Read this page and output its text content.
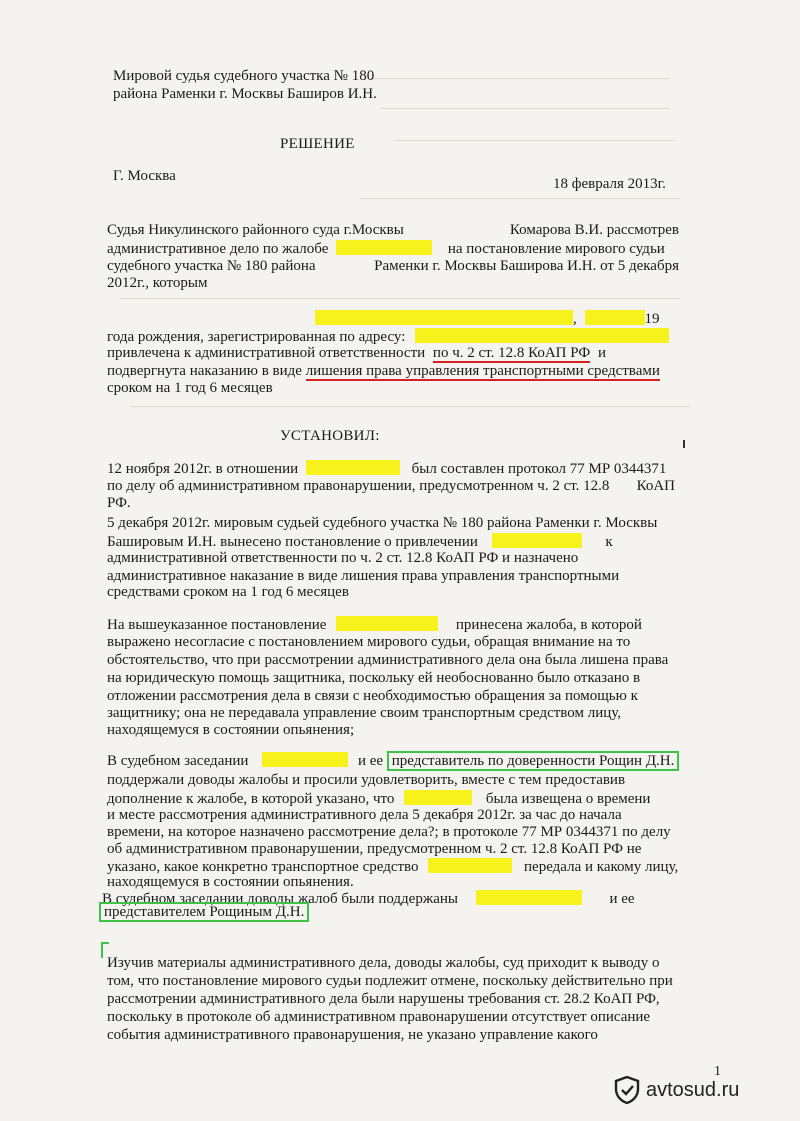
Мировой судья судебного участка № 180
района Раменки г. Москвы Баширов И.Н.
РЕШЕНИЕ
Г. Москва	18 февраля 2013г.
Судья Никулинского районного суда г.Москвы	Комарова В.И. рассмотрев
административное дело по жалобе	на постановление мирового судьи
судебного участка № 180 района	Раменки г. Москвы Баширова И.Н. от 5 декабря
2012г., которым
,	19
года рождения, зарегистрированная по адресу:
привлечена к административной ответственности по ч. 2 ст. 12.8 КоАП РФ и
подвергнута наказанию в виде лишения права управления транспортными средствами
сроком на 1 год 6 месяцев
УСТАНОВИЛ:
12 ноября 2012г. в отношении	был составлен протокол 77 МР 0344371
по делу об административном правонарушении, предусмотренном ч. 2 ст. 12.8 КоАП
РФ.
5 декабря 2012г. мировым судьей судебного участка № 180 района Раменки г. Москвы
Башировым И.Н. вынесено постановление о привлечении	к
административной ответственности по ч. 2 ст. 12.8 КоАП РФ и назначено
административное наказание в виде лишения права управления транспортными
средствами сроком на 1 год 6 месяцев
На вышеуказанное постановление	принесена жалоба, в которой
выражено несогласие с постановлением мирового судьи, обращая внимание на то
обстоятельство, что при рассмотрении административного дела она была лишена права
на юридическую помощь защитника, поскольку ей необоснованно было отказано в
отложении рассмотрения дела в связи с необходимостью обращения за помощью к
защитнику; она не передавала управление своим транспортным средством лицу,
находящемуся в состоянии опьянения;
В судебном заседании	и ее представитель по доверенности Рощин Д.Н.
поддержали доводы жалобы и просили удовлетворить, вместе с тем предоставив
дополнение к жалобе, в которой указано, что	была извещена о времени
и месте рассмотрения административного дела 5 декабря 2012г. за час до начала
времени, на которое назначено рассмотрение дела?; в протоколе 77 МР 0344371 по делу
об административном правонарушении, предусмотренном ч. 2 ст. 12.8 КоАП РФ не
указано, какое конкретно транспортное средство	передала и какому лицу,
находящемуся в состоянии опьянения.
В судебном заседании доводы жалоб были поддержаны	и ее
представителем Рощиным Д.Н.
Изучив материалы административного дела, доводы жалобы, суд приходит к выводу о
том, что постановление мирового судьи подлежит отмене, поскольку действительно при
рассмотрении административного дела были нарушены требования ст. 28.2 КоАП РФ,
поскольку в протоколе об административном правонарушении отсутствует описание
события административного правонарушения, не указано управление какого
1
avtosud.ru
